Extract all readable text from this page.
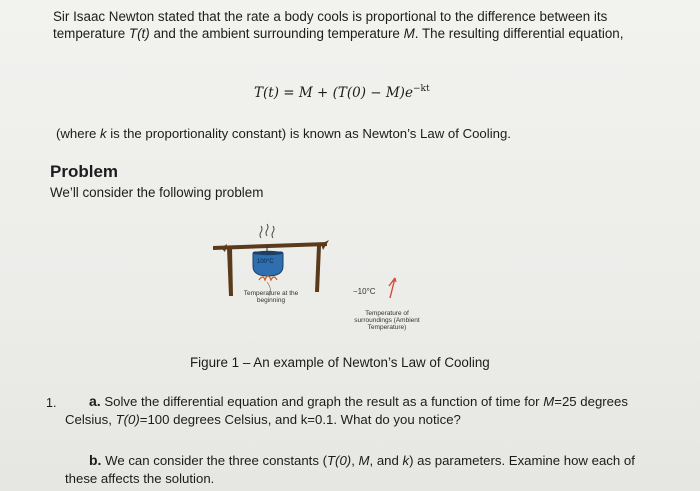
Sir Isaac Newton stated that the rate a body cools is proportional to the difference between its temperature T(t) and the ambient surrounding temperature M. The resulting differential equation,
$T(t) = M + (T(0) - M)e^{-kt}$
(where k is the proportionality constant) is known as Newton’s Law of Cooling.
Problem
We’ll consider the following problem
100°C
−10°C
Temperature at the beginning
Temperature of surroundings (Ambient Temperature)
Figure 1 – An example of Newton’s Law of Cooling
1.	a. Solve the differential equation and graph the result as a function of time for M=25 degrees Celsius, T(0)=100 degrees Celsius, and k=0.1. What do you notice?
b. We can consider the three constants (T(0), M, and k) as parameters. Examine how each of these affects the solution.
